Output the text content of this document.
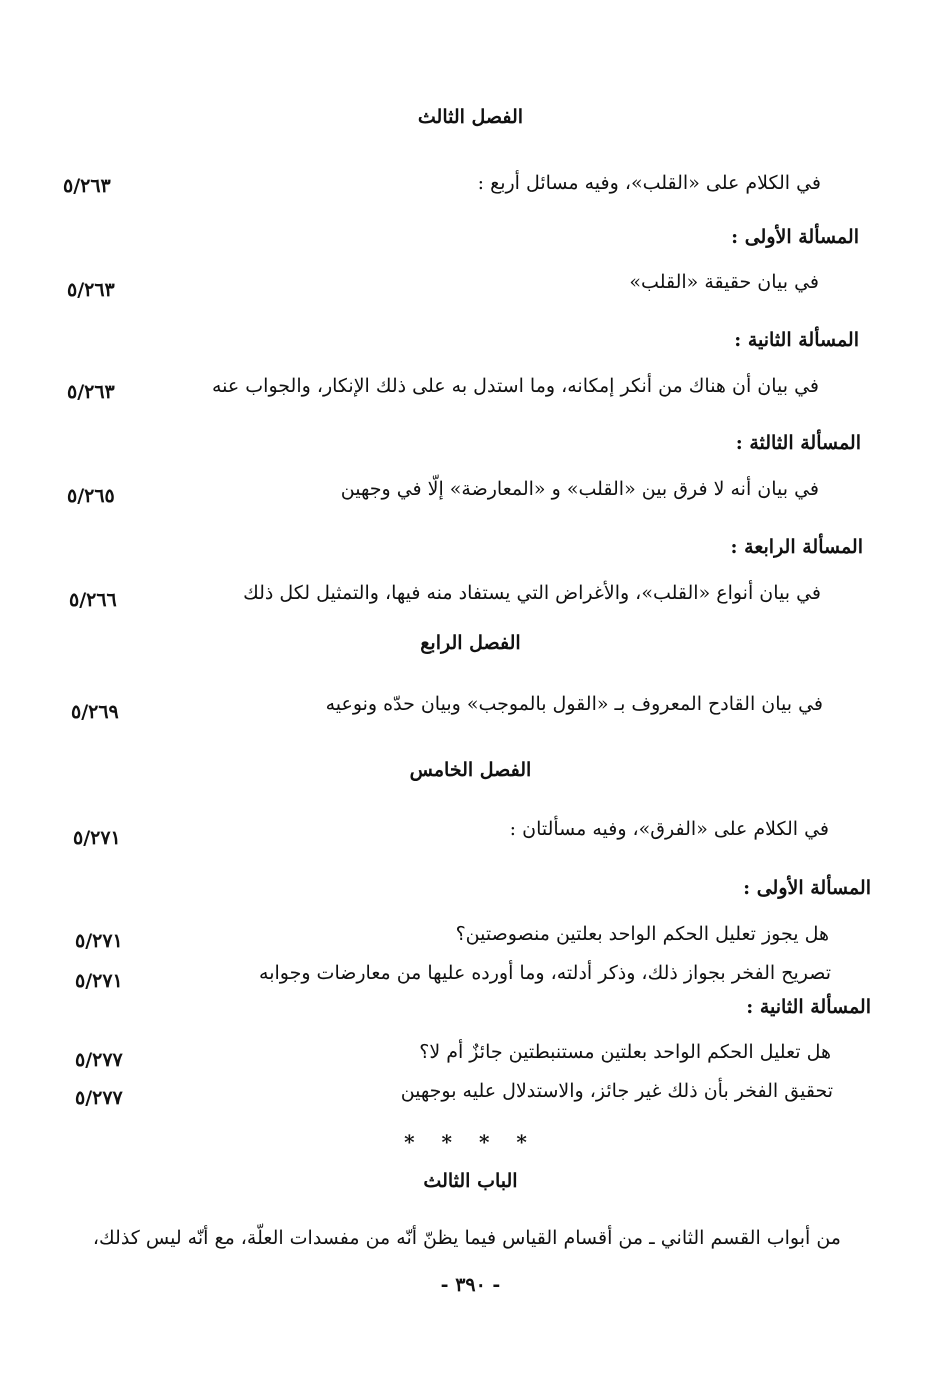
الفصل الثالث
في الكلام على «القلب»، وفيه مسائل أربع :
٥/٢٦٣
المسألة الأولى :
في بيان حقيقة «القلب»
٥/٢٦٣
المسألة الثانية :
في بيان أن هناك من أنكر إمكانه، وما استدل به على ذلك الإنكار، والجواب عنه
٥/٢٦٣
المسألة الثالثة :
في بيان أنه لا فرق بين «القلب» و «المعارضة» إلّا في وجهين
٥/٢٦٥
المسألة الرابعة :
في بيان أنواع «القلب»، والأغراض التي يستفاد منه فيها، والتمثيل لكل ذلك
٥/٢٦٦
الفصل الرابع
في بيان القادح المعروف بـ «القول بالموجب» وبيان حدّه ونوعيه
٥/٢٦٩
الفصل الخامس
في الكلام على «الفرق»، وفيه مسألتان :
٥/٢٧١
المسألة الأولى :
هل يجوز تعليل الحكم الواحد بعلتين منصوصتين؟
٥/٢٧١
تصريح الفخر بجواز ذلك، وذكر أدلته، وما أورده عليها من معارضات وجوابه
٥/٢٧١
المسألة الثانية :
هل تعليل الحكم الواحد بعلتين مستنبطتين جائزٌ أم لا؟
٥/٢٧٧
تحقيق الفخر بأن ذلك غير جائز، والاستدلال عليه بوجهين
٥/٢٧٧
* * * *
الباب الثالث
من أبواب القسم الثاني ـ من أقسام القياس فيما يظنّ أنّه من مفسدات العلّة، مع أنّه ليس كذلك،
- ٣٩٠ -
